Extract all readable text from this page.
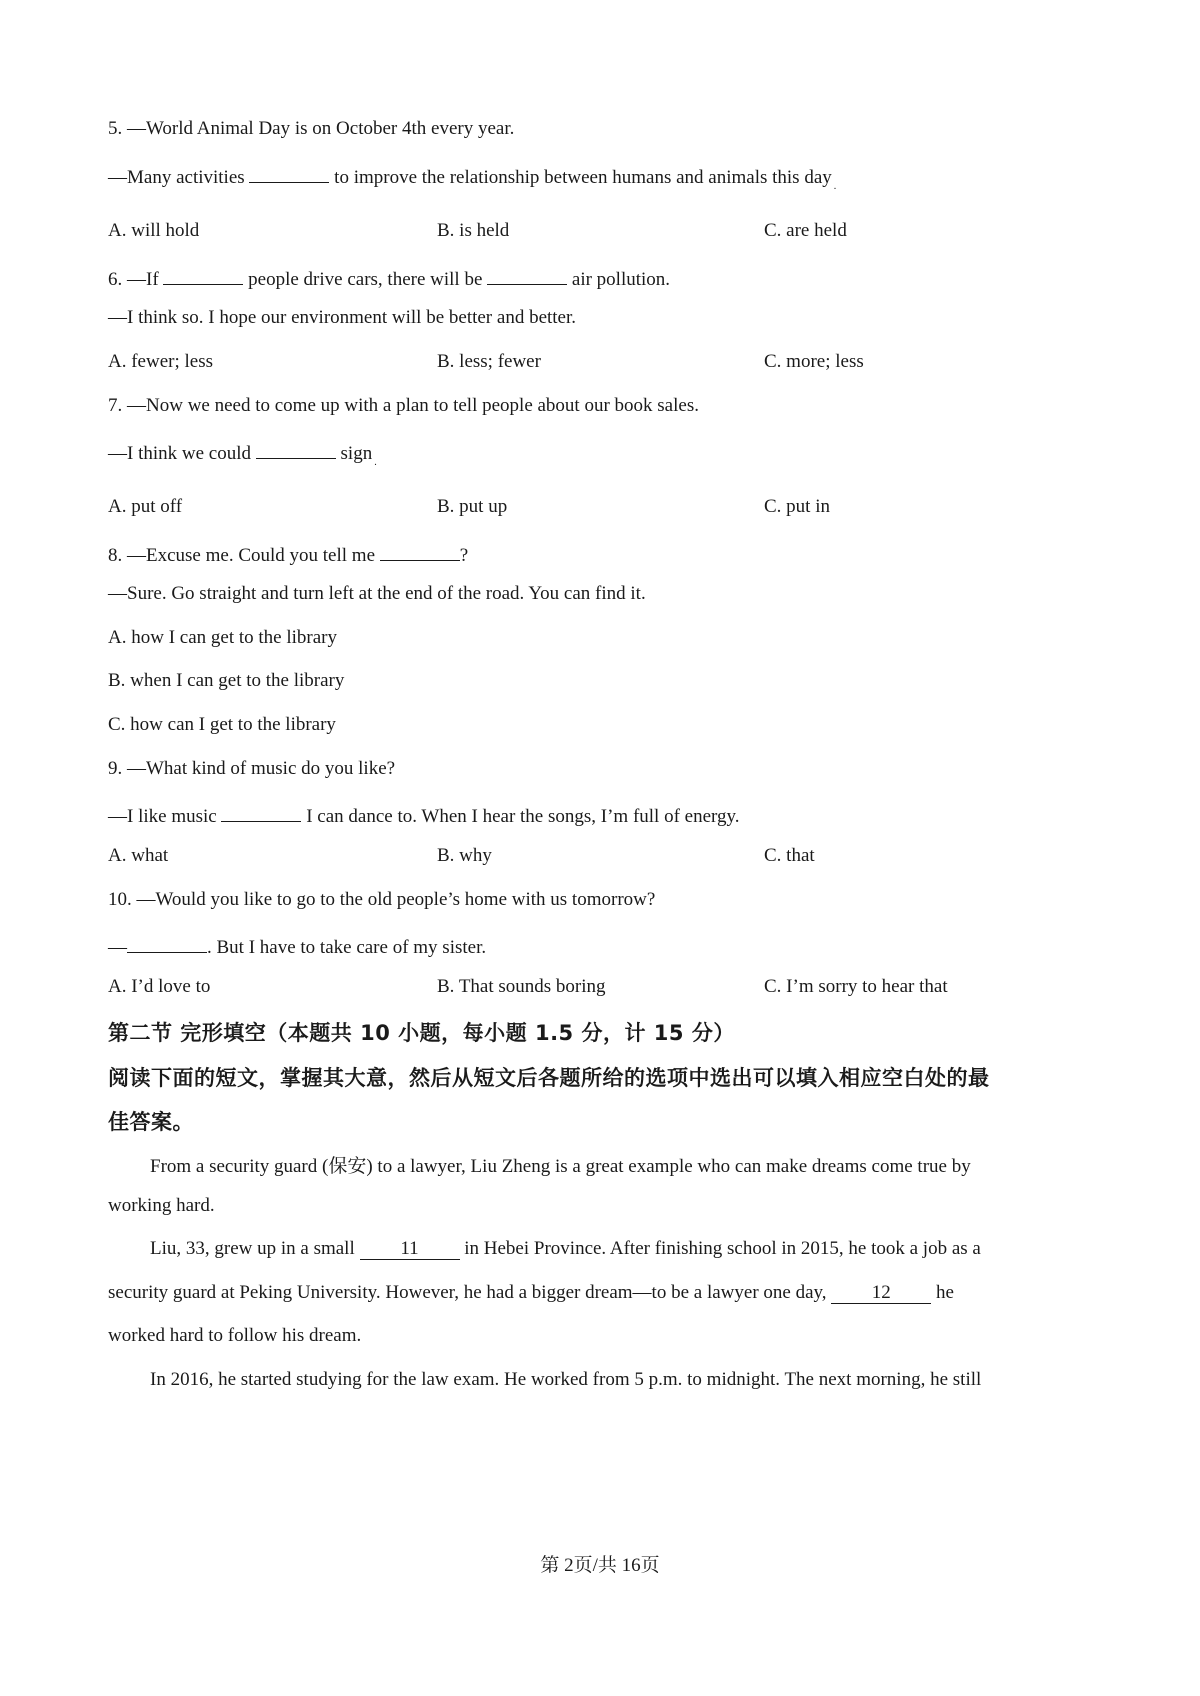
5. —World Animal Day is on October 4th every year.
—Many activities	to improve the relationship between humans and animals this day .
A. will hold	B. is held	C. are held
6. —If	people drive cars, there will be	air pollution.
—I think so. I hope our environment will be better and better.
A. fewer; less	B. less; fewer	C. more; less
7. —Now we need to come up with a plan to tell people about our book sales.
—I think we could	sign .
A. put off	B. put up	C. put in
8. —Excuse me. Could you tell me	?
—Sure. Go straight and turn left at the end of the road. You can find it.
A. how I can get to the library
B. when I can get to the library
C. how can I get to the library
9. —What kind of music do you like?
—I like music	I can dance to. When I hear the songs, I’m full of energy.
A. what	B. why	C. that
10. —Would you like to go to the old people’s home with us tomorrow?
—	. But I have to take care of my sister.
A. I’d love to	B. That sounds boring	C. I’m sorry to hear that
第二节 完形填空（本题共 10 小题，每小题 1.5 分，计 15 分）
阅读下面的短文，掌握其大意，然后从短文后各题所给的选项中选出可以填入相应空白处的最
佳答案。
From a security guard (保安) to a lawyer, Liu Zheng is a great example who can make dreams come true by
working hard.
Liu, 33, grew up in a small 11 in Hebei Province. After finishing school in 2015, he took a job as a
security guard at Peking University. However, he had a bigger dream—to be a lawyer one day, 12 he
worked hard to follow his dream.
In 2016, he started studying for the law exam. He worked from 5 p.m. to midnight. The next morning, he still
第 2页/共 16页
